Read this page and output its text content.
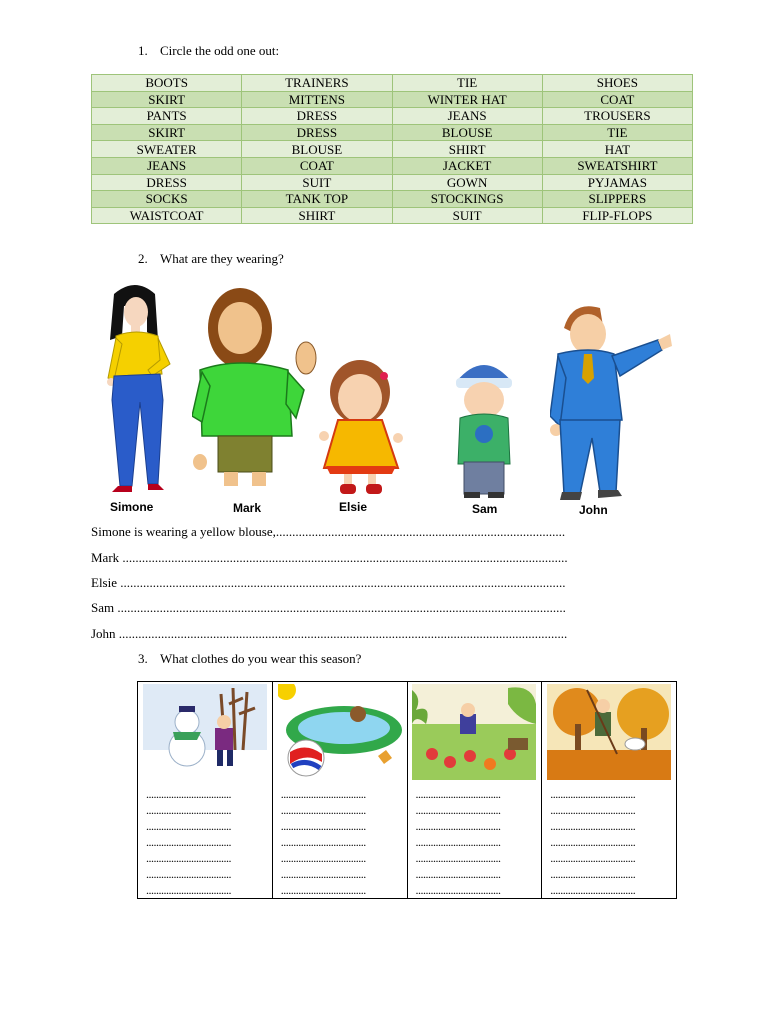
1. Circle the odd one out:
BOOTS	TRAINERS	TIE	SHOES
SKIRT	MITTENS	WINTER HAT	COAT
PANTS	DRESS	JEANS	TROUSERS
SKIRT	DRESS	BLOUSE	TIE
SWEATER	BLOUSE	SHIRT	HAT
JEANS	COAT	JACKET	SWEATSHIRT
DRESS	SUIT	GOWN	PYJAMAS
SOCKS	TANK TOP	STOCKINGS	SLIPPERS
WAISTCOAT	SHIRT	SUIT	FLIP-FLOPS
2. What are they wearing?
Simone	Mark	Elsie	Sam	John
Simone is wearing a yellow blouse,.........................................................................................
Mark .........................................................................................................................................
Elsie .........................................................................................................................................
Sam ..........................................................................................................................................
John ..........................................................................................................................................
3. What clothes do you wear this season?
..................................
..................................
..................................
..................................
..................................
..................................
..................................

..................................
..................................
..................................
..................................
..................................
..................................
..................................

..................................
..................................
..................................
..................................
..................................
..................................
..................................

..................................
..................................
..................................
..................................
..................................
..................................
..................................
